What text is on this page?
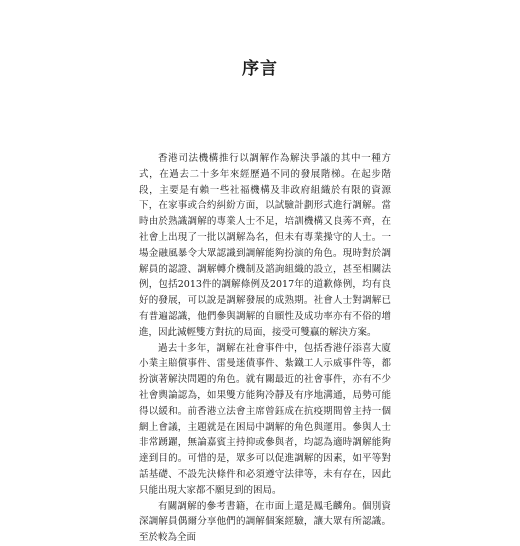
序言

香港司法機構推行以調解作為解決爭議的其中一種方式，在過去二十多年來經歷過不同的發展階梯。在起步階段，主要是有賴一些社福機構及非政府組織於有限的資源下，在家事或合約糾紛方面，以試驗計劃形式進行調解。當時由於熟識調解的專業人士不足，培訓機構又良莠不齊，在社會上出現了一批以調解為名，但未有專業操守的人士。一場金融風暴令大眾認識到調解能夠扮演的角色。現時對於調解員的認證、調解轉介機制及諮詢組織的設立，甚至相關法例，包括2013件的調解條例及2017年的道歉條例，均有良好的發展，可以說是調解發展的成熟期。社會人士對調解已有普遍認識，他們參與調解的自願性及成功率亦有不俗的增進，因此減輕雙方對抗的局面，接受可雙贏的解決方案。

過去十多年，調解在社會事件中，包括香港仔添喜大廈小業主賠償事件、雷曼迷債事件、紮鐵工人示威事件等，都扮演著解決問題的角色。就有關最近的社會事件，亦有不少社會輿論認為，如果雙方能夠冷靜及有序地溝通，局勢可能得以緩和。前香港立法會主席曾鈺成在抗疫期間曾主持一個網上會議，主題就是在困局中調解的角色與運用。參與人士非常踴躍，無論嘉賓主持抑或參與者，均認為適時調解能夠達到目的。可惜的是，眾多可以促進調解的因素，如平等對話基礎、不設先決條件和必須遵守法律等，未有存在，因此只能出現大家都不願見到的困局。

有關調解的參考書籍，在市面上還是鳳毛麟角。個別資深調解員偶爾分享他們的調解個案經驗，讓大眾有所認識。至於較為全面
